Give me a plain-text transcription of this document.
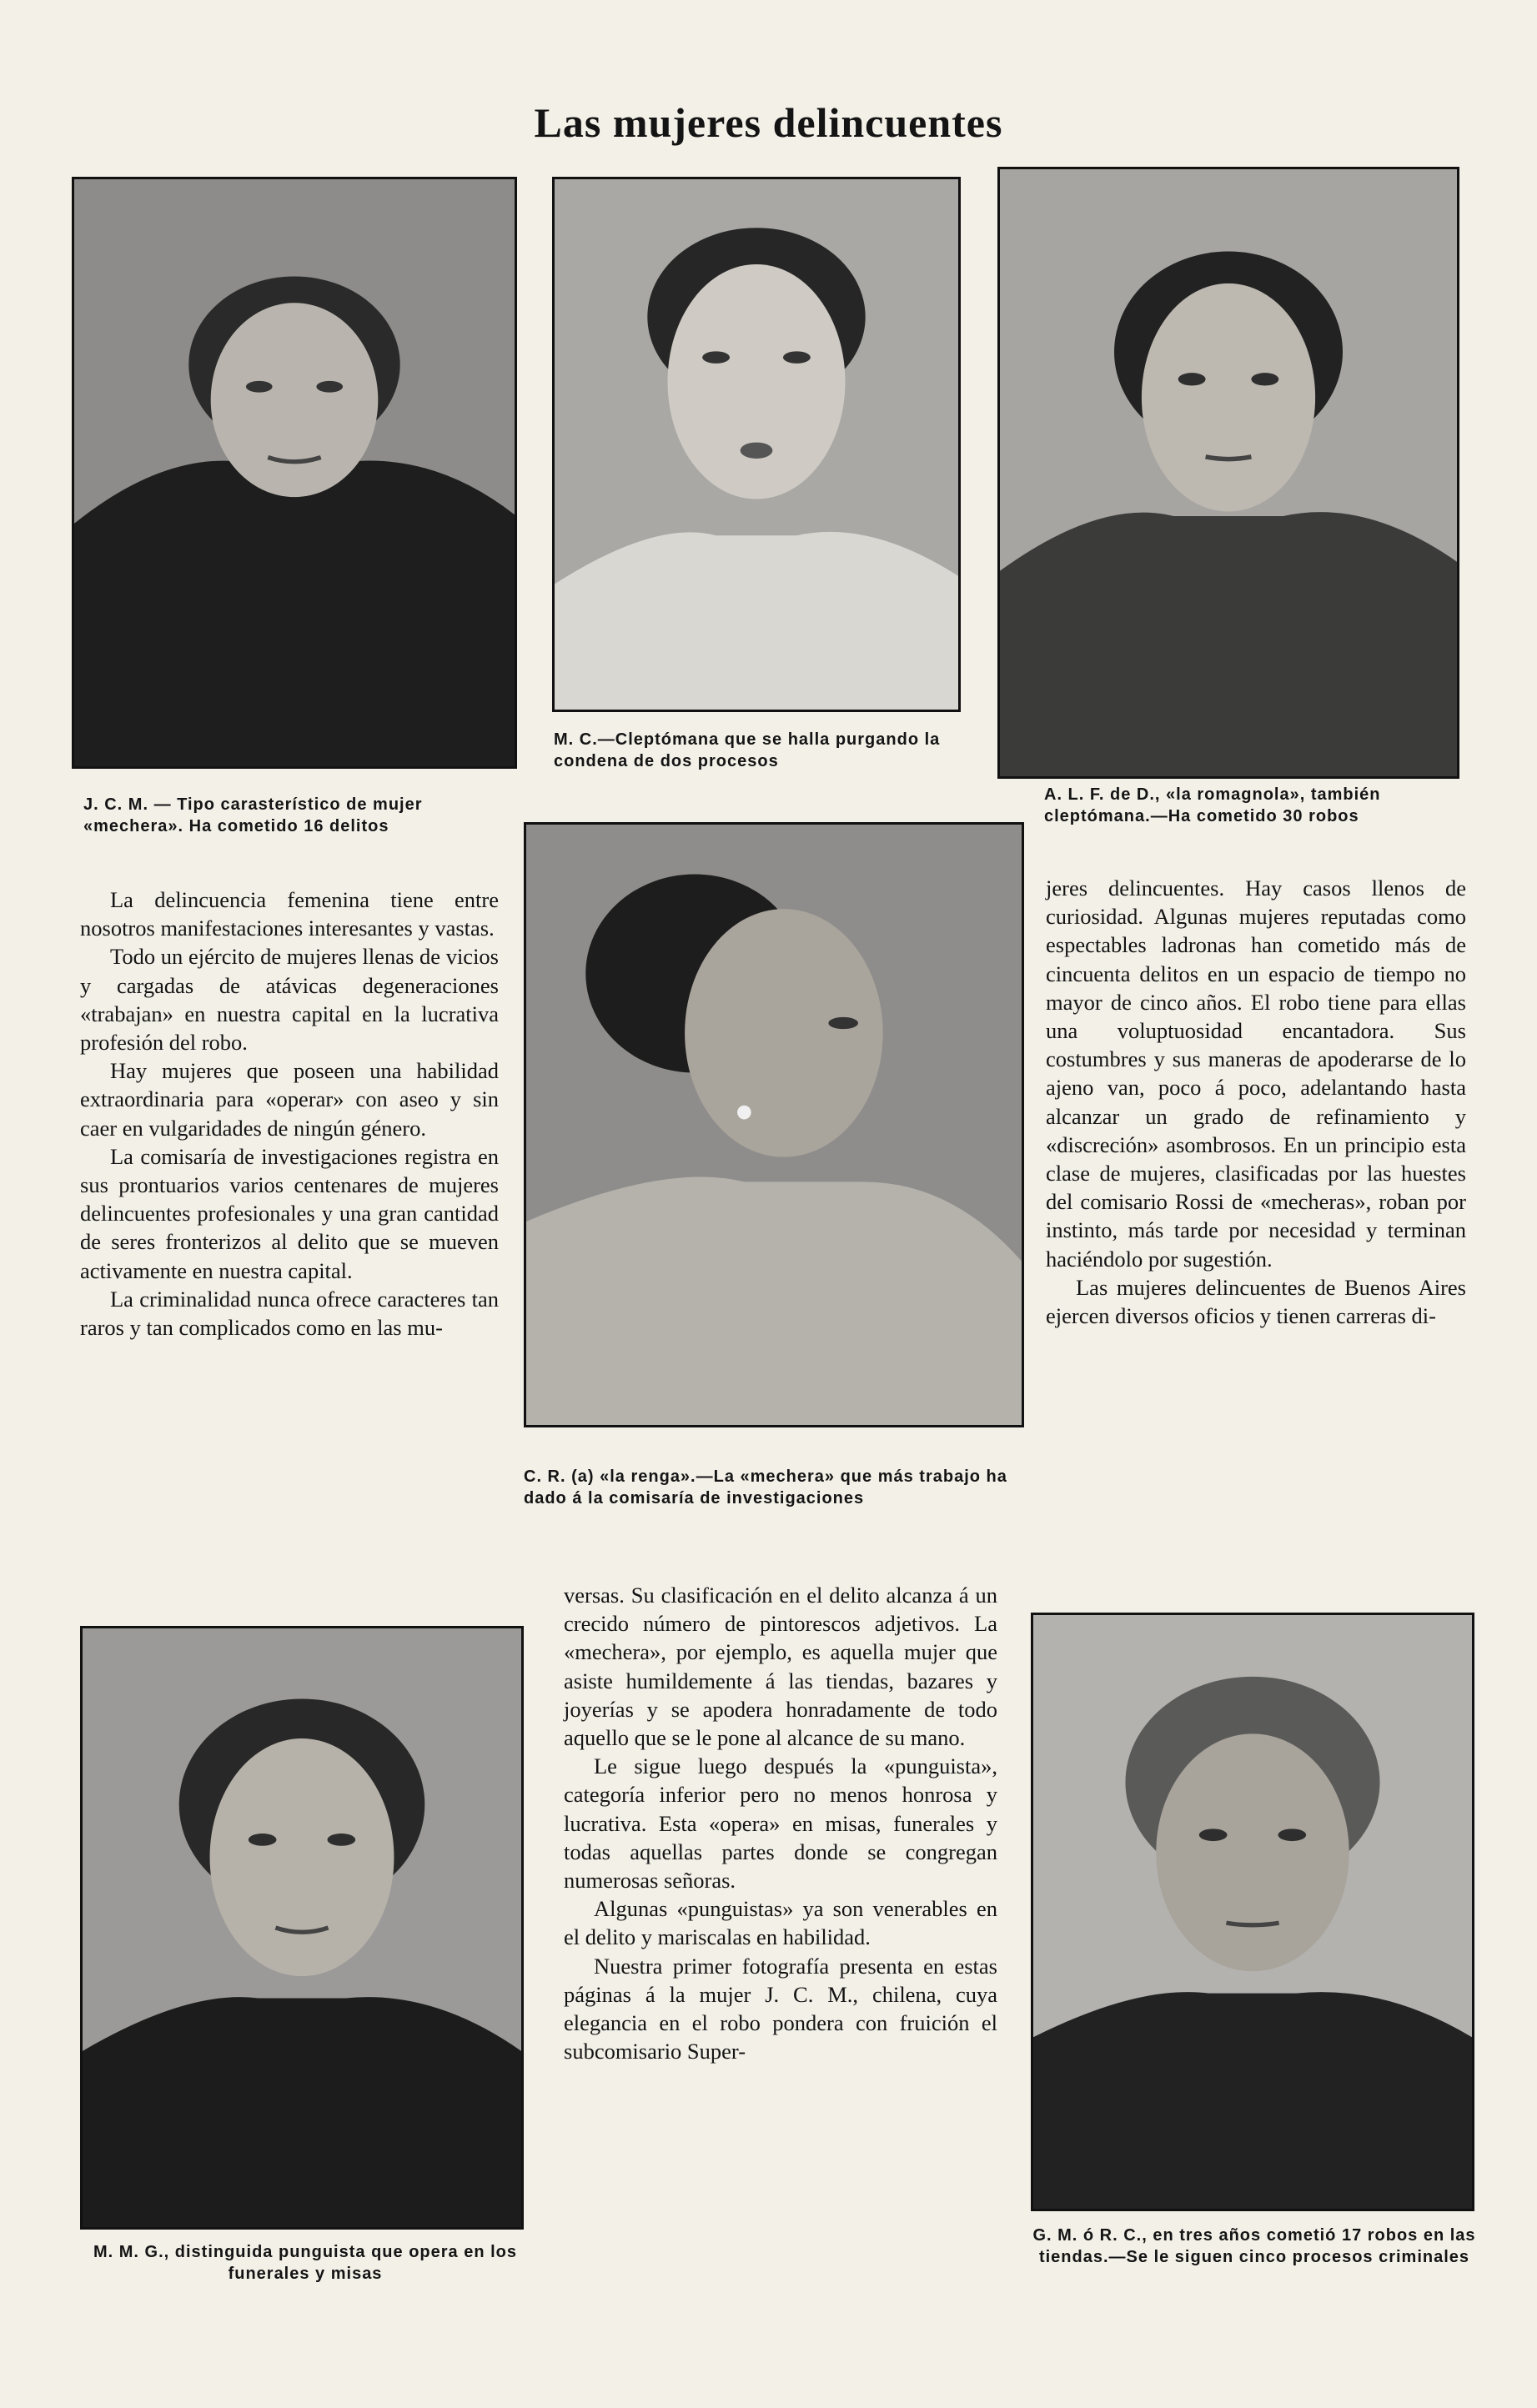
Las mujeres delincuentes
J. C. M. — Tipo carasterístico de mujer «mechera». Ha cometido 16 delitos
M. C.—Cleptómana que se halla purgando la condena de dos procesos
A. L. F. de D., «la romagnola», también cleptómana.—Ha cometido 30 robos
C. R. (a) «la renga».—La «mechera» que más trabajo ha dado á la comisaría de investigaciones
M. M. G., distinguida punguista que opera en los funerales y misas
G. M. ó R. C., en tres años cometió 17 robos en las tiendas.—Se le siguen cinco procesos criminales

La delincuencia femenina tiene entre nosotros manifestaciones interesantes y vastas.

Todo un ejército de mujeres llenas de vicios y cargadas de atávicas degeneraciones «trabajan» en nuestra capital en la lucrativa profesión del robo.

Hay mujeres que poseen una habilidad extraordinaria para «operar» con aseo y sin caer en vulgaridades de ningún género.

La comisaría de investigaciones registra en sus prontuarios varios centenares de mujeres delincuentes profesionales y una gran cantidad de seres fronterizos al delito que se mueven activamente en nuestra capital.

La criminalidad nunca ofrece caracteres tan raros y tan complicados como en las mu-

versas. Su clasificación en el delito alcanza á un crecido número de pintorescos adjetivos. La «mechera», por ejemplo, es aquella mujer que asiste humildemente á las tiendas, bazares y joyerías y se apodera honradamente de todo aquello que se le pone al alcance de su mano.

Le sigue luego después la «punguista», categoría inferior pero no menos honrosa y lucrativa. Esta «opera» en misas, funerales y todas aquellas partes donde se congregan numerosas señoras.

Algunas «punguistas» ya son venerables en el delito y mariscalas en habilidad.

Nuestra primer fotografía presenta en estas páginas á la mujer J. C. M., chilena, cuya elegancia en el robo pondera con fruición el subcomisario Super-

jeres delincuentes. Hay casos llenos de curiosidad. Algunas mujeres reputadas como espectables ladronas han cometido más de cincuenta delitos en un espacio de tiempo no mayor de cinco años. El robo tiene para ellas una voluptuosidad encantadora. Sus costumbres y sus maneras de apoderarse de lo ajeno van, poco á poco, adelantando hasta alcanzar un grado de refinamiento y «discreción» asombrosos. En un principio esta clase de mujeres, clasificadas por las huestes del comisario Rossi de «mecheras», roban por instinto, más tarde por necesidad y terminan haciéndolo por sugestión.

Las mujeres delincuentes de Buenos Aires ejercen diversos oficios y tienen carreras di-
